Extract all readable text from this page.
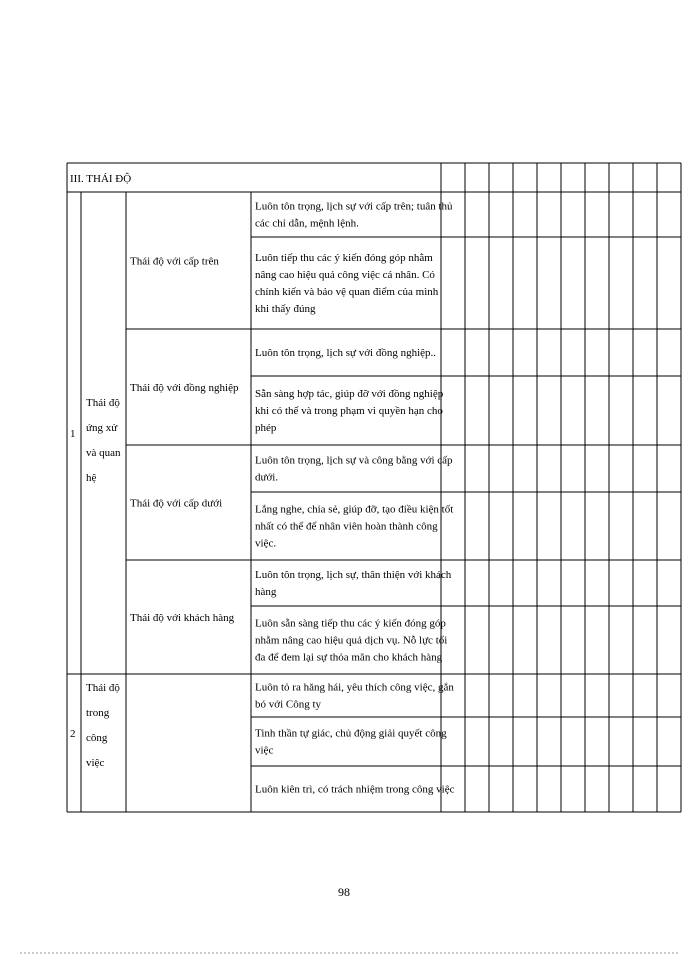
III. THÁI ĐỘ
Luôn tôn trọng, lịch sự với cấp trên; tuân thủ
các chỉ dẫn, mệnh lệnh.
Luôn tiếp thu các ý kiến đóng góp nhằm
nâng cao hiệu quả công việc cá nhân. Có
chính kiến và bảo vệ quan điểm của mình
khi thấy đúng
Luôn tôn trọng, lịch sự với đồng nghiệp..
Sẵn sàng hợp tác, giúp đỡ với đồng nghiệp
khi có thể và trong phạm vi quyền hạn cho
phép
Luôn tôn trọng, lịch sự và công bằng với cấp
dưới.
Lắng nghe, chia sẻ, giúp đỡ, tạo điều kiện tốt
nhất có thể để nhân viên hoàn thành công
việc.
Luôn tôn trọng, lịch sự, thân thiện với khách
hàng
Luôn sẵn sàng tiếp thu các ý kiến đóng góp
nhằm nâng cao hiệu quả dịch vụ. Nỗ lực tối
đa để đem lại sự thỏa mãn cho khách hàng
Luôn tỏ ra hăng hái, yêu thích công việc, gắn
bó với Công ty
Tinh thần tự giác, chủ động giải quyết công
việc
Luôn kiên trì, có trách nhiệm trong công việc
Thái độ với cấp trên
Thái độ với đồng nghiệp
Thái độ với cấp dưới
Thái độ với khách hàng
1
Thái độ
ứng xử
và quan
hệ
2
Thái độ
trong
công
việc
98
